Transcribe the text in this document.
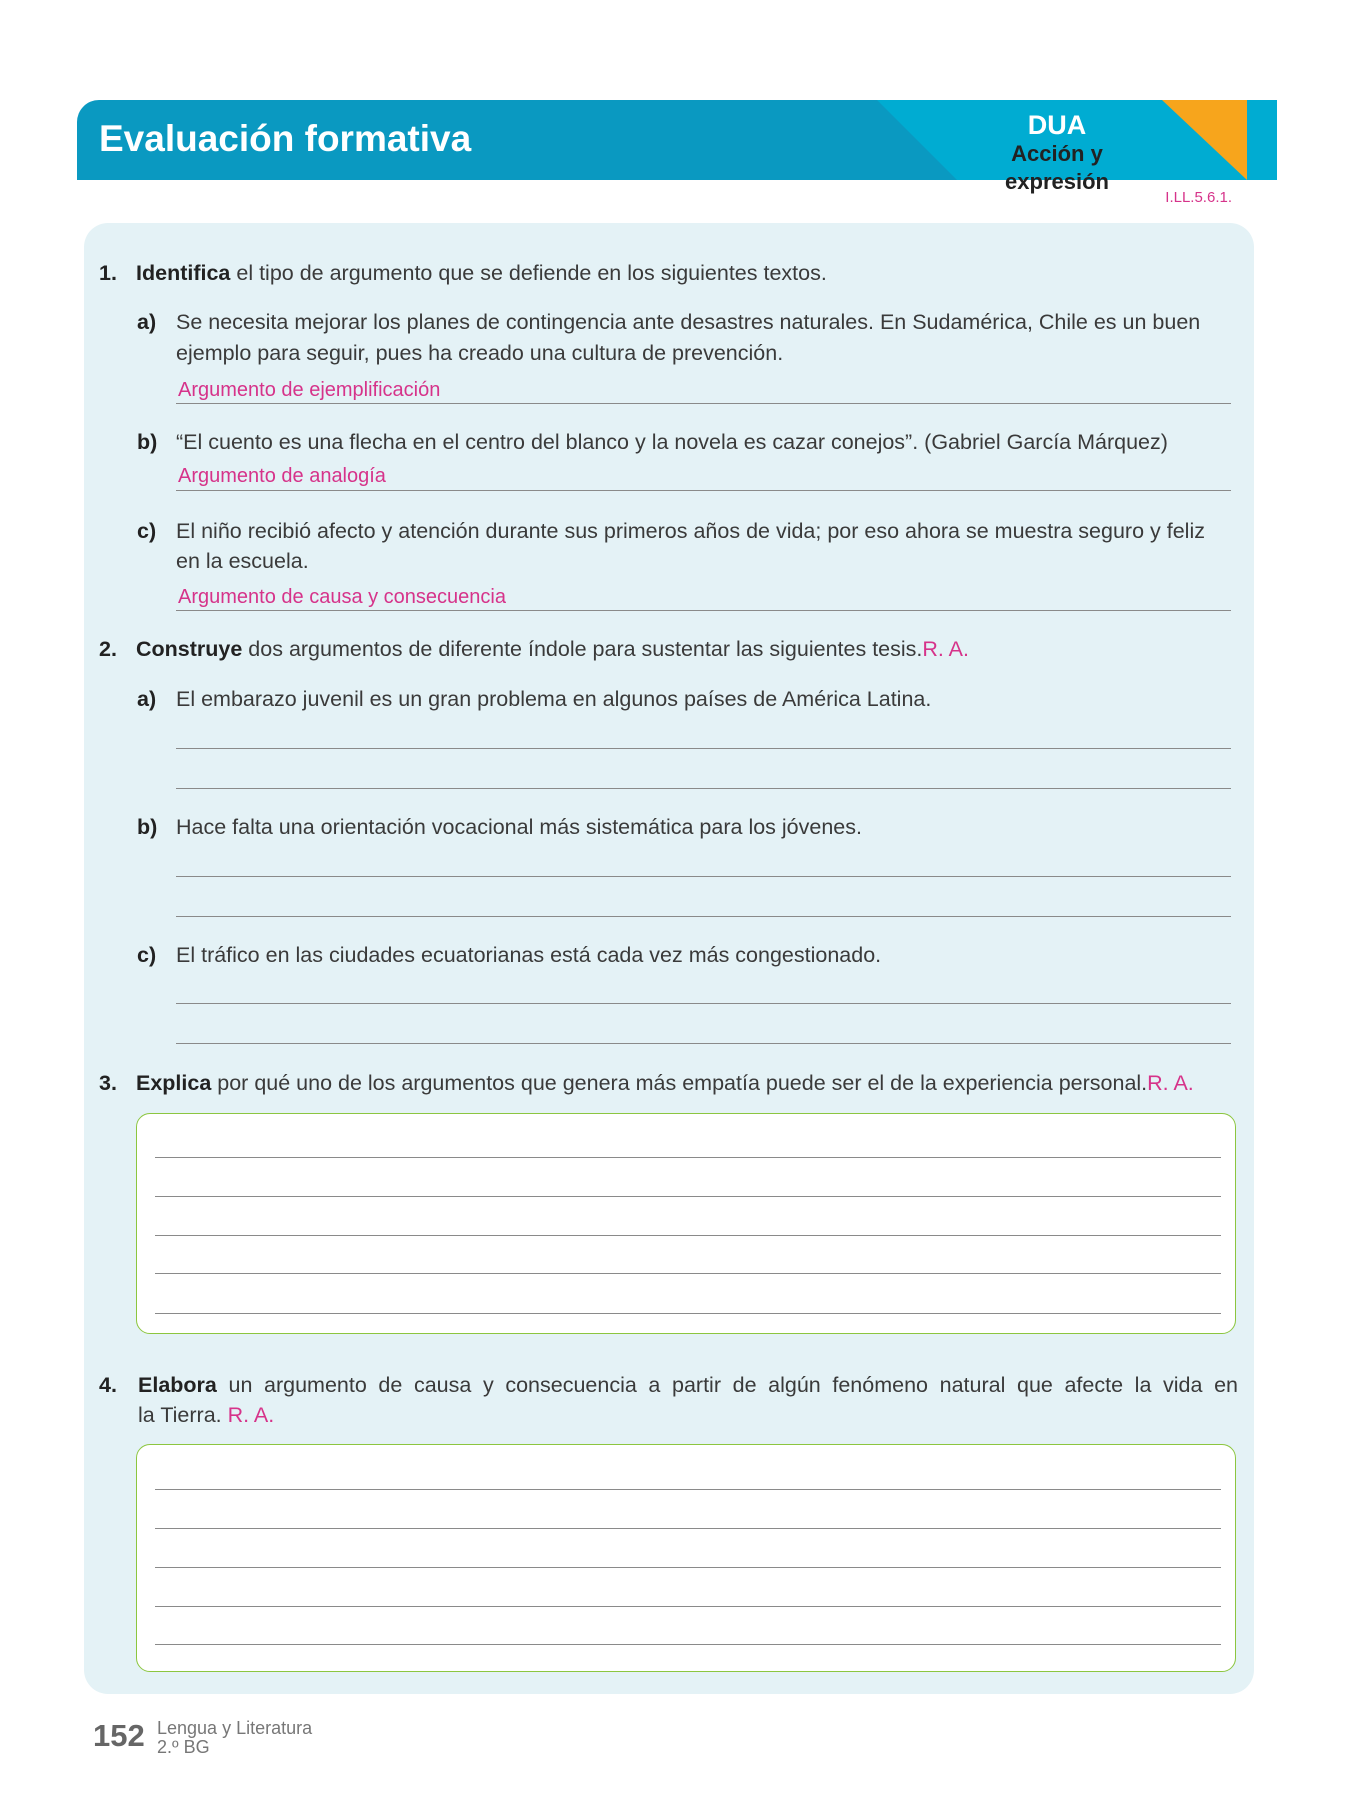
Evaluación formativa	DUA
Acción y expresión
I.LL.5.6.1.
1. Identifica el tipo de argumento que se defiende en los siguientes textos.
a) Se necesita mejorar los planes de contingencia ante desastres naturales. En Sudamérica, Chile es un buen
ejemplo para seguir, pues ha creado una cultura de prevención.
Argumento de ejemplificación
b) “El cuento es una flecha en el centro del blanco y la novela es cazar conejos”. (Gabriel García Márquez)
Argumento de analogía
c) El niño recibió afecto y atención durante sus primeros años de vida; por eso ahora se muestra seguro y feliz
en la escuela.
Argumento de causa y consecuencia
2. Construye dos argumentos de diferente índole para sustentar las siguientes tesis.R. A.
a) El embarazo juvenil es un gran problema en algunos países de América Latina.
b) Hace falta una orientación vocacional más sistemática para los jóvenes.
c) El tráfico en las ciudades ecuatorianas está cada vez más congestionado.
3. Explica por qué uno de los argumentos que genera más empatía puede ser el de la experiencia personal.R. A.
4. Elabora un argumento de causa y consecuencia a partir de algún fenómeno natural que afecte la vida en
la Tierra. R. A.
152 Lengua y Literatura
2.º BG
